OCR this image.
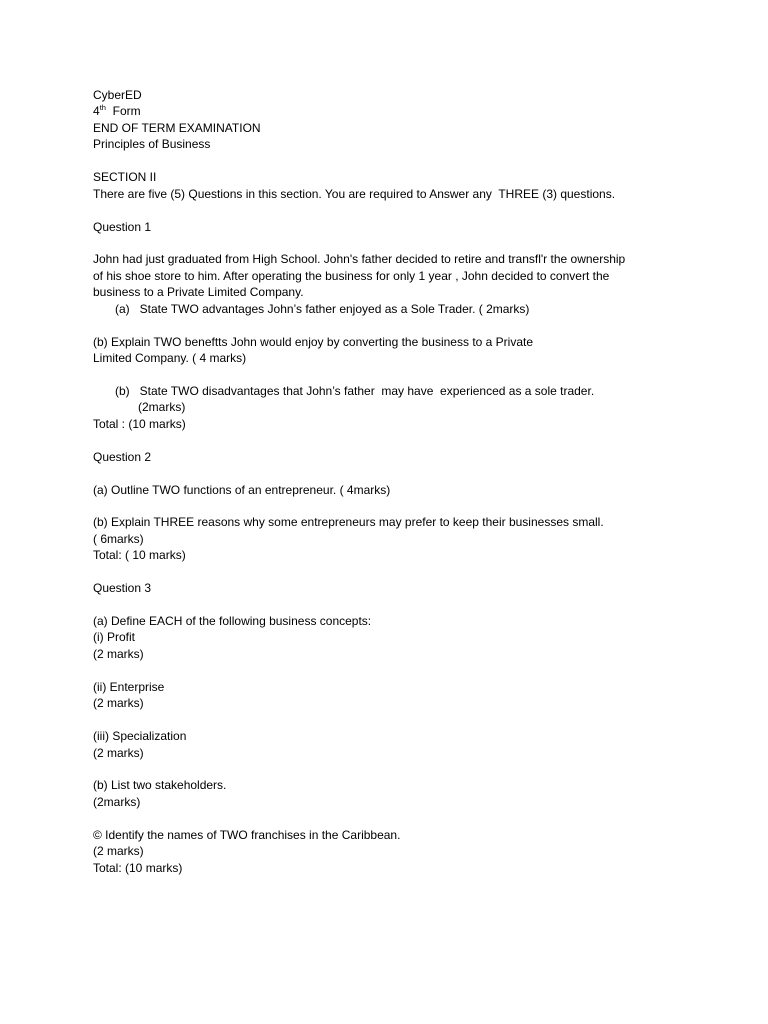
CyberED
4th Form
END OF TERM EXAMINATION
Principles of Business
SECTION II
There are five (5) Questions in this section. You are required to Answer any  THREE (3) questions.
Question 1
John had just graduated from High School. John's father decided to retire and transfl'r the ownership
of his shoe store to him. After operating the business for only 1 year , John decided to convert the
business to a Private Limited Company.
(a)   State TWO advantages John’s father enjoyed as a Sole Trader. ( 2marks)
(b) Explain TWO beneftts John would enjoy by converting the business to a Private
Limited Company. ( 4 marks)
(b)   State TWO disadvantages that John’s father  may have  experienced as a sole trader.
(2marks)
Total : (10 marks)
Question 2
(a) Outline TWO functions of an entrepreneur. ( 4marks)
(b) Explain THREE reasons why some entrepreneurs may prefer to keep their businesses small.
( 6marks)
Total: ( 10 marks)
Question 3
(a) Define EACH of the following business concepts:
(i) Profit
(2 marks)
(ii) Enterprise
(2 marks)
(iii) Specialization
(2 marks)
(b) List two stakeholders.
(2marks)
© Identify the names of TWO franchises in the Caribbean.
(2 marks)
Total: (10 marks)
